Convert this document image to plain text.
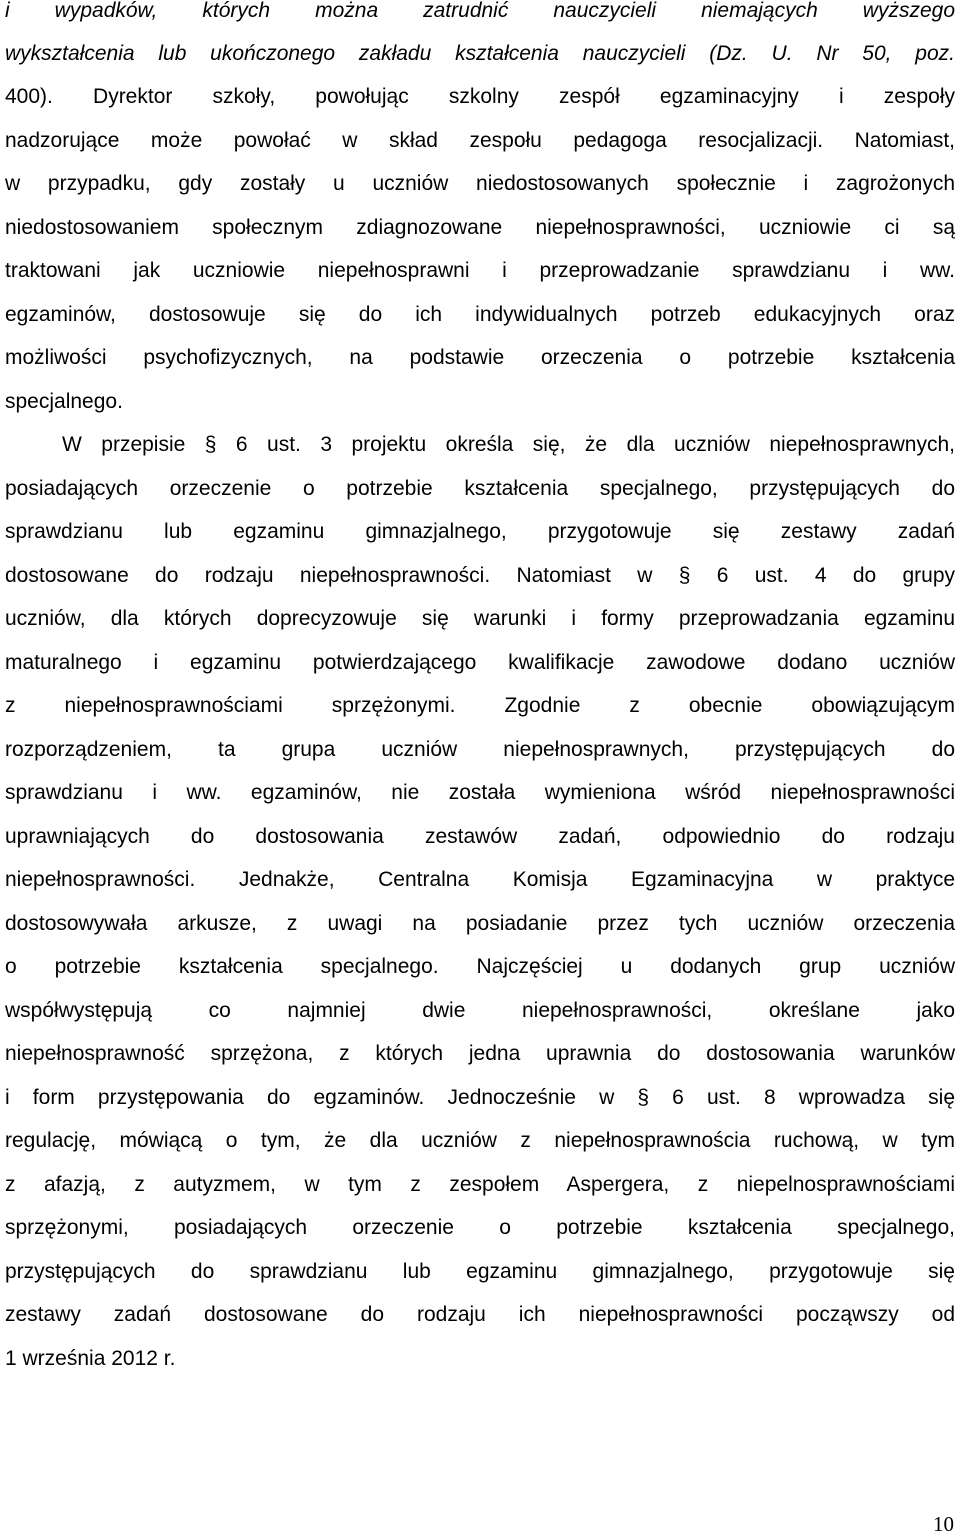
i wypadków, których można zatrudnić nauczycieli niemających wyższego
wykształcenia lub ukończonego zakładu kształcenia nauczycieli (Dz. U. Nr 50, poz.
400). Dyrektor szkoły, powołując szkolny zespół egzaminacyjny i zespoły
nadzorujące może powołać w skład zespołu pedagoga resocjalizacji. Natomiast,
w przypadku, gdy zostały u uczniów niedostosowanych społecznie i zagrożonych
niedostosowaniem społecznym zdiagnozowane niepełnosprawności, uczniowie ci są
traktowani jak uczniowie niepełnosprawni i przeprowadzanie sprawdzianu i ww.
egzaminów, dostosowuje się do ich indywidualnych potrzeb edukacyjnych oraz
możliwości psychofizycznych, na podstawie orzeczenia o potrzebie kształcenia
specjalnego.
W przepisie § 6 ust. 3 projektu określa się, że dla uczniów niepełnosprawnych,
posiadających orzeczenie o potrzebie kształcenia specjalnego, przystępujących do
sprawdzianu lub egzaminu gimnazjalnego, przygotowuje się zestawy zadań
dostosowane do rodzaju niepełnosprawności. Natomiast w § 6 ust. 4 do grupy
uczniów, dla których doprecyzowuje się warunki i formy przeprowadzania egzaminu
maturalnego i egzaminu potwierdzającego kwalifikacje zawodowe dodano uczniów
z niepełnosprawnościami sprzężonymi. Zgodnie z obecnie obowiązującym
rozporządzeniem, ta grupa uczniów niepełnosprawnych, przystępujących do
sprawdzianu i ww. egzaminów, nie została wymieniona wśród niepełnosprawności
uprawniających do dostosowania zestawów zadań, odpowiednio do rodzaju
niepełnosprawności. Jednakże, Centralna Komisja Egzaminacyjna w praktyce
dostosowywała arkusze, z uwagi na posiadanie przez tych uczniów orzeczenia
o potrzebie kształcenia specjalnego. Najczęściej u dodanych grup uczniów
współwystępują co najmniej dwie niepełnosprawności, określane jako
niepełnosprawność sprzężona, z których jedna uprawnia do dostosowania warunków
i form przystępowania do egzaminów. Jednocześnie w § 6 ust. 8 wprowadza się
regulację, mówiącą o tym, że dla uczniów z niepełnosprawnościa ruchową, w tym
z afazją, z autyzmem, w tym z zespołem Aspergera, z niepelnosprawnościami
sprzężonymi, posiadających orzeczenie o potrzebie kształcenia specjalnego,
przystępujących do sprawdzianu lub egzaminu gimnazjalnego, przygotowuje się
zestawy zadań dostosowane do rodzaju ich niepełnosprawności począwszy od
1 września 2012 r.
10
